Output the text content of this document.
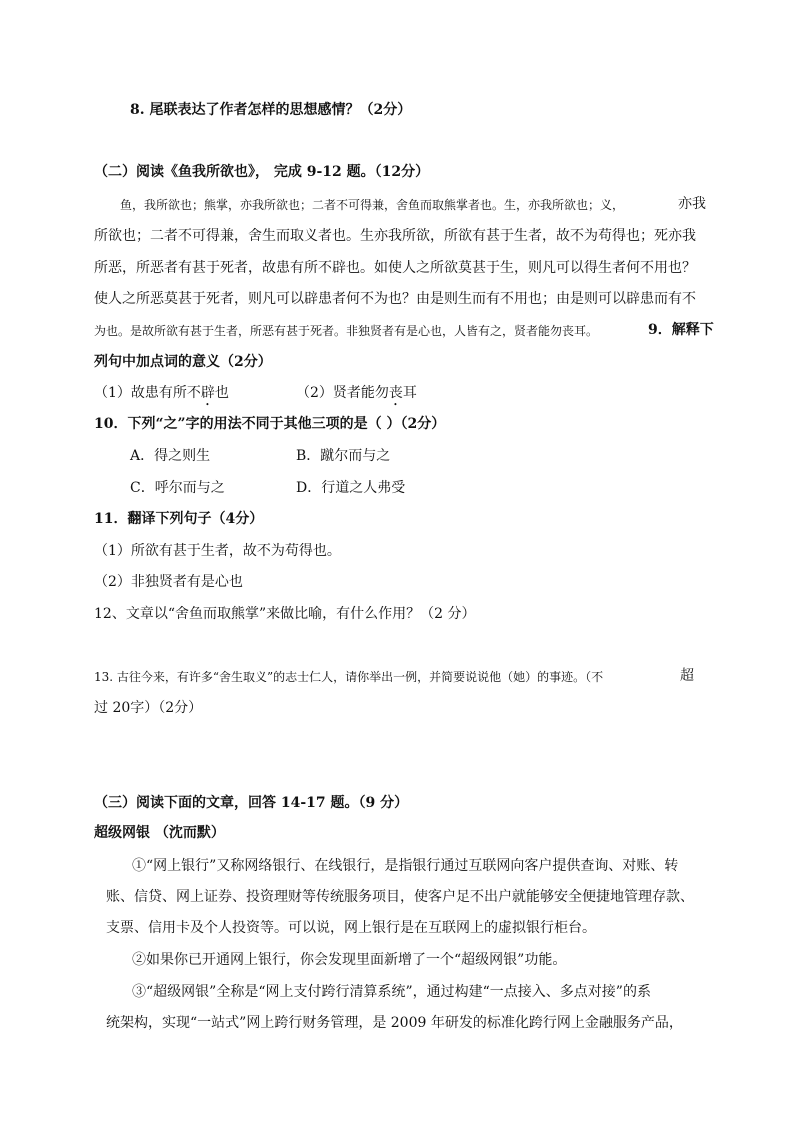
8. 尾联表达了作者怎样的思想感情？（2分）
（二）阅读《鱼我所欲也》， 完成 9-12 题。（12分）
鱼，我所欲也；熊掌，亦我所欲也；二者不可得兼，舍鱼而取熊掌者也。生，亦我所欲也；义，	亦我
所欲也；二者不可得兼，舍生而取义者也。生亦我所欲，所欲有甚于生者，故不为苟得也；死亦我
所恶，所恶者有甚于死者，故患有所不辟也。如使人之所欲莫甚于生，则凡可以得生者何不用也？
使人之所恶莫甚于死者，则凡可以辟患者何不为也？由是则生而有不用也；由是则可以辟患而有不
为也。是故所欲有甚于生者，所恶有甚于死者。非独贤者有是心也，人皆有之，贤者能勿丧耳。	9．解释下
列句中加点词的意义（2分）
（1）故患有所不辟也	（2）贤者能勿丧耳
10．下列“之”字的用法不同于其他三项的是（ ）（2分）
A．得之则生	B．蹴尔而与之
C．呼尔而与之	D．行道之人弗受
11．翻译下列句子（4分）
（1）所欲有甚于生者，故不为苟得也。
（2）非独贤者有是心也
12、文章以“舍鱼而取熊掌”来做比喻，有什么作用？（2 分）
13. 古往今来，有许多“舍生取义”的志士仁人，请你举出一例，并简要说说他（她）的事迹。（不	超
过 20字）（2分）
（三）阅读下面的文章，回答 14-17 题。（9 分）
超级网银 （沈而默）
①“网上银行”又称网络银行、在线银行，是指银行通过互联网向客户提供查询、对账、转
账、信贷、网上证券、投资理财等传统服务项目，使客户足不出户就能够安全便捷地管理存款、
支票、信用卡及个人投资等。可以说，网上银行是在互联网上的虚拟银行柜台。
②如果你已开通网上银行，你会发现里面新增了一个“超级网银”功能。
③“超级网银”全称是“网上支付跨行清算系统”，通过构建“一点接入、多点对接”的系
统架构，实现“一站式”网上跨行财务管理，是 2009 年研发的标准化跨行网上金融服务产品，
